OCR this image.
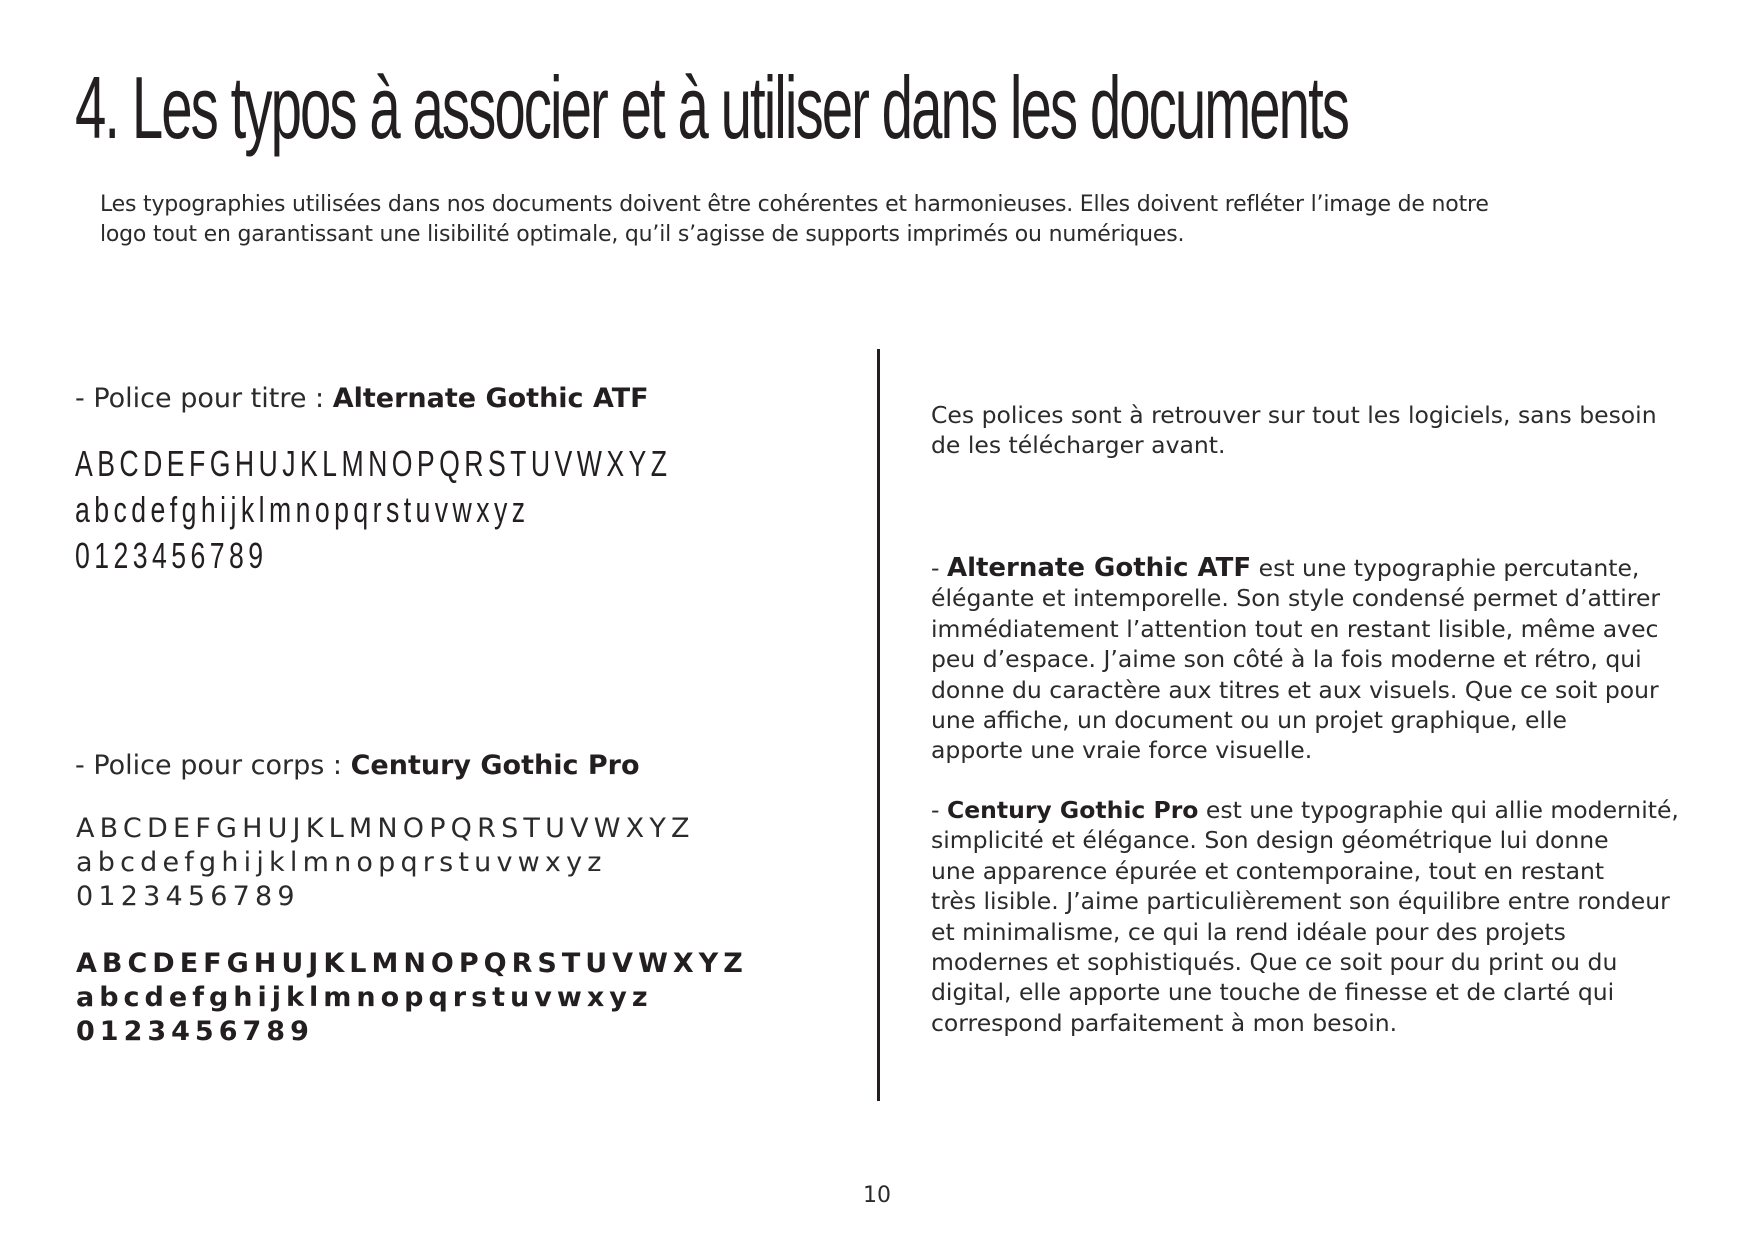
4. Les typos à associer et à utiliser dans les documents

Les typographies utilisées dans nos documents doivent être cohérentes et harmonieuses. Elles doivent refléter l’image de notre
logo tout en garantissant une lisibilité optimale, qu’il s’agisse de supports imprimés ou numériques.

- Police pour titre : Alternate Gothic ATF
ABCDEFGHUJKLMNOPQRSTUVWXYZ
abcdefghijklmnopqrstuvwxyz
0123456789
- Police pour corps : Century Gothic Pro
ABCDEFGHUJKLMNOPQRSTUVWXYZ
abcdefghijklmnopqrstuvwxyz
0123456789
ABCDEFGHUJKLMNOPQRSTUVWXYZ
abcdefghijklmnopqrstuvwxyz
0123456789

Ces polices sont à retrouver sur tout les logiciels, sans besoin
de les télécharger avant.

- Alternate Gothic ATF est une typographie percutante,
élégante et intemporelle. Son style condensé permet d’attirer
immédiatement l’attention tout en restant lisible, même avec
peu d’espace. J’aime son côté à la fois moderne et rétro, qui
donne du caractère aux titres et aux visuels. Que ce soit pour
une affiche, un document ou un projet graphique, elle
apporte une vraie force visuelle.

- Century Gothic Pro est une typographie qui allie modernité,
simplicité et élégance. Son design géométrique lui donne
une apparence épurée et contemporaine, tout en restant
très lisible. J’aime particulièrement son équilibre entre rondeur
et minimalisme, ce qui la rend idéale pour des projets
modernes et sophistiqués. Que ce soit pour du print ou du
digital, elle apporte une touche de finesse et de clarté qui
correspond parfaitement à mon besoin.

10
